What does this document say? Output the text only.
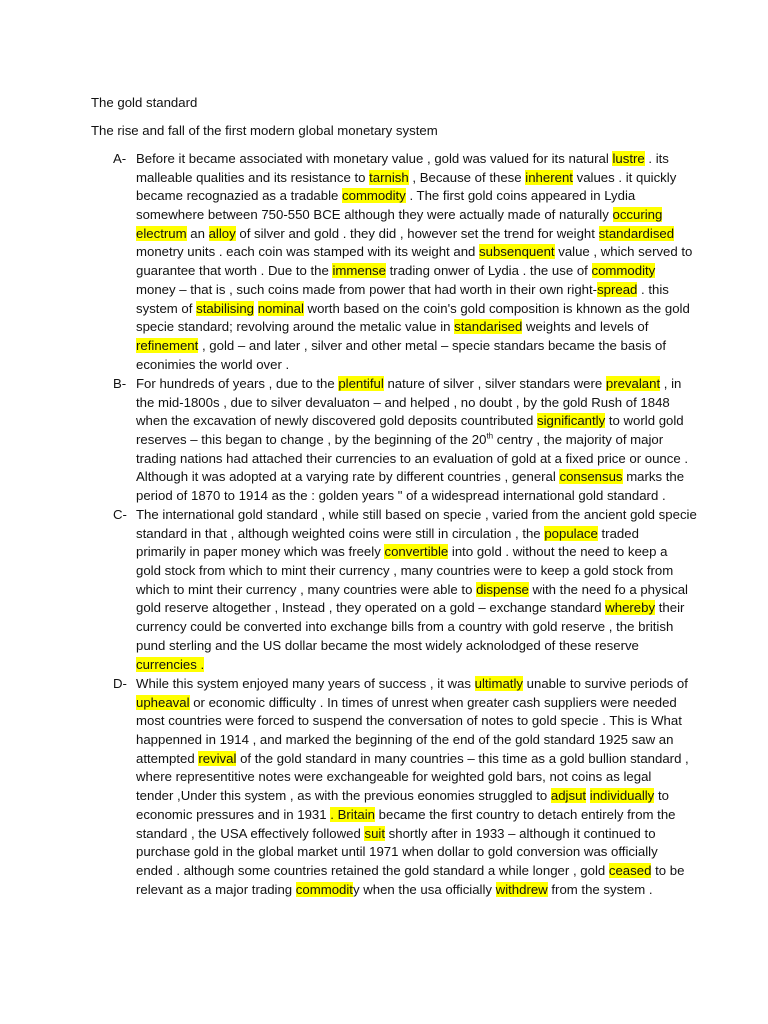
The gold standard
The rise and fall of the first modern global monetary system
A- Before it became associated with monetary value , gold was valued for its natural lustre . its
malleable qualities and its resistance to tarnish , Because of these inherent values . it quickly
became recognazied as a tradable commodity . The first gold coins appeared in Lydia
somewhere between 750-550 BCE although they were actually made of naturally occuring
electrum an alloy of silver and gold . they did , however set the trend for weight standardised
monetry units . each coin was stamped with its weight and subsenquent value , which served to
guarantee that worth . Due to the immense trading onwer of Lydia . the use of commodity
money – that is , such coins made from power that had worth in their own right-spread . this
system of stabilising nominal worth based on the coin's gold composition is khnown as the gold
specie standard; revolving around the metalic value in standarised weights and levels of
refinement , gold – and later , silver and other metal – specie standars became the basis of
econimies the world over .
B- For hundreds of years , due to the plentiful nature of silver , silver standars were prevalant , in
the mid-1800s , due to silver devaluaton – and helped , no doubt , by the gold Rush of 1848
when the excavation of newly discovered gold deposits countributed significantly to world gold
reserves – this began to change , by the beginning of the 20th centry , the majority of major
trading nations had attached their currencies to an evaluation of gold at a fixed price or ounce .
Although it was adopted at a varying rate by different countries , general consensus marks the
period of 1870 to 1914 as the : golden years " of a widespread international gold standard .
C- The international gold standard , while still based on specie , varied from the ancient gold specie
standard in that , although weighted coins were still in circulation , the populace traded
primarily in paper money which was freely convertible into gold . without the need to keep a
gold stock from which to mint their currency , many countries were to keep a gold stock from
which to mint their currency , many countries were able to dispense with the need fo a physical
gold reserve altogether , Instead , they operated on a gold – exchange standard whereby their
currency could be converted into exchange bills from a country with gold reserve , the british
pund sterling and the US dollar became the most widely acknolodged of these reserve
currencies .
D- While this system enjoyed many years of success , it was ultimatly unable to survive periods of
upheaval or economic difficulty . In times of unrest when greater cash suppliers were needed
most countries were forced to suspend the conversation of notes to gold specie . This is What
happenned in 1914 , and marked the beginning of the end of the gold standard 1925 saw an
attempted revival of the gold standard in many countries – this time as a gold bullion standard ,
where representitive notes were exchangeable for weighted gold bars, not coins as legal
tender ,Under this system , as with the previous eonomies struggled to adjsut individually to
economic pressures and in 1931 . Britain became the first country to detach entirely from the
standard , the USA effectively followed suit shortly after in 1933 – although it continued to
purchase gold in the global market until 1971 when dollar to gold conversion was officially
ended . although some countries retained the gold standard a while longer , gold ceased to be
relevant as a major trading commodity when the usa officially withdrew from the system .
